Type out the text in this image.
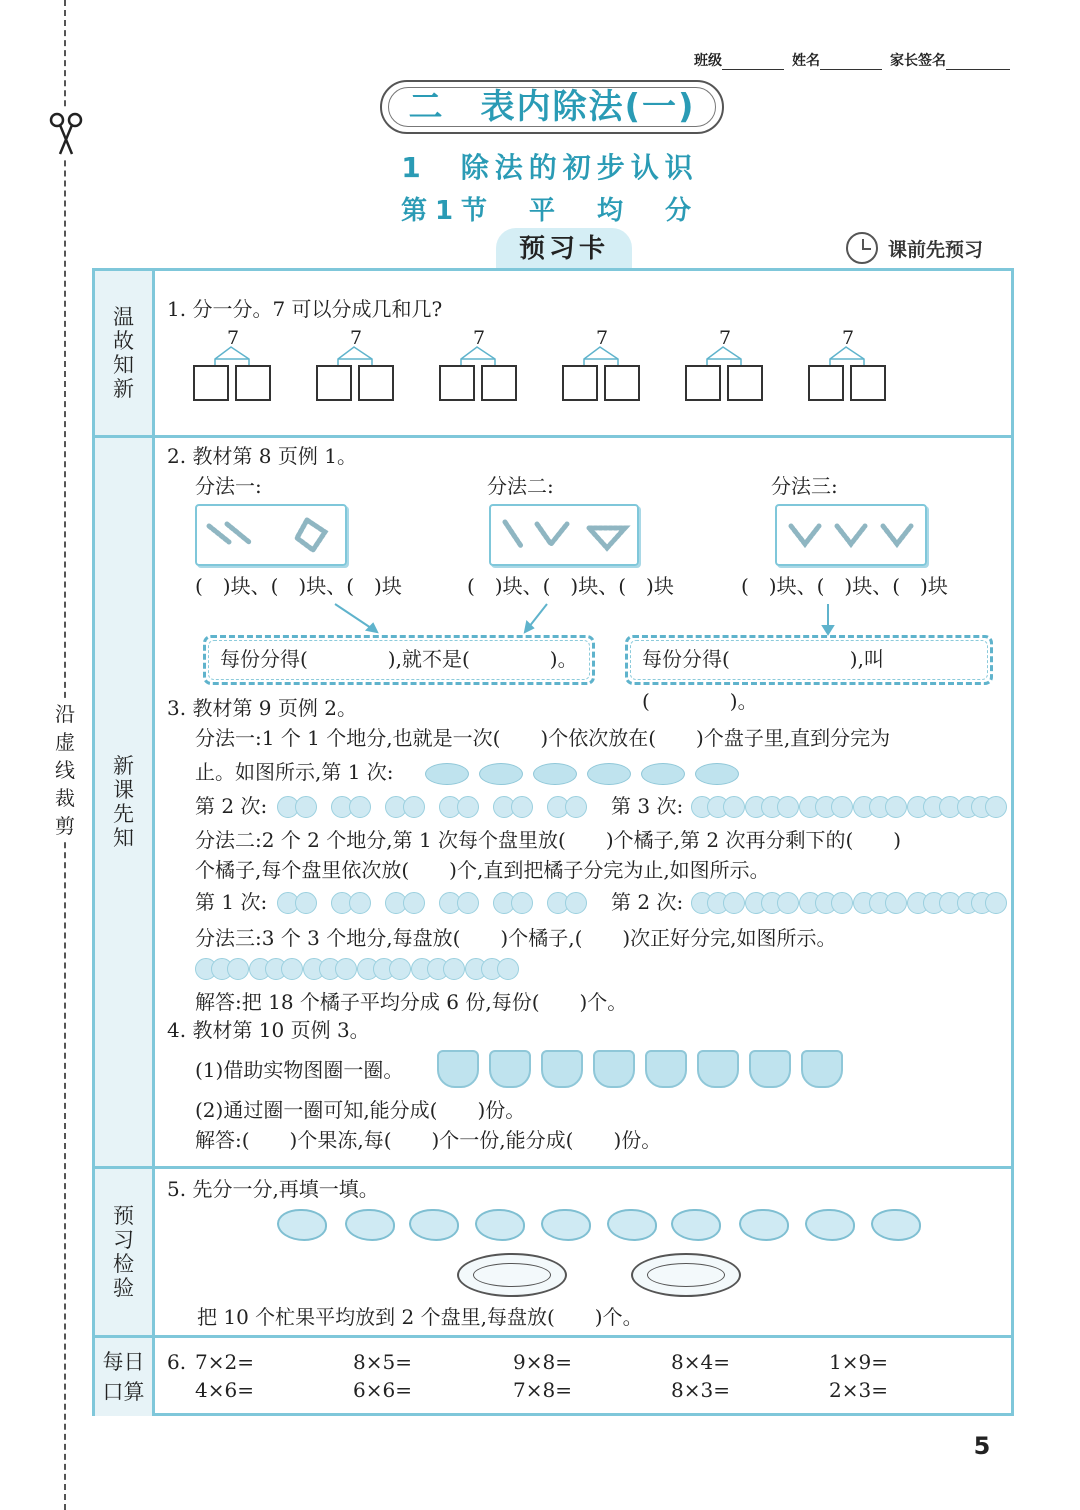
沿
虚
线
裁
剪
班级	姓名	家长签名
二　表内除法(一)
1　除法的初步认识
第1节　平　均　分
预习卡	课前先预习
温故知新
1. 分一分。7 可以分成几和几?
7	7	7	7	7	7
新课先知
2. 教材第 8 页例 1。
分法一:	分法二:	分法三:
(　)块、(　)块、(　)块	(　)块、(　)块、(　)块	(　)块、(　)块、(　)块
每份分得(　　　　),就不是(　　　　)。	每份分得(　　　　　　),叫(　　　　)。
3. 教材第 9 页例 2。
分法一:1 个 1 个地分,也就是一次(　　)个依次放在(　　)个盘子里,直到分完为
止。如图所示,第 1 次:
第 2 次:	第 3 次:
分法二:2 个 2 个地分,第 1 次每个盘里放(　　)个橘子,第 2 次再分剩下的(　　)
个橘子,每个盘里依次放(　　)个,直到把橘子分完为止,如图所示。
第 1 次:	第 2 次:
分法三:3 个 3 个地分,每盘放(　　)个橘子,(　　)次正好分完,如图所示。
解答:把 18 个橘子平均分成 6 份,每份(　　)个。
4. 教材第 10 页例 3。
(1)借助实物图圈一圈。
(2)通过圈一圈可知,能分成(　　)份。
解答:(　　)个果冻,每(　　)个一份,能分成(　　)份。
预习检验
5. 先分一分,再填一填。
把 10 个杧果平均放到 2 个盘里,每盘放(　　)个。
每日口算
6. 7×2=	8×5=	9×8=	8×4=	1×9=
4×6=	6×6=	7×8=	8×3=	2×3=
5
